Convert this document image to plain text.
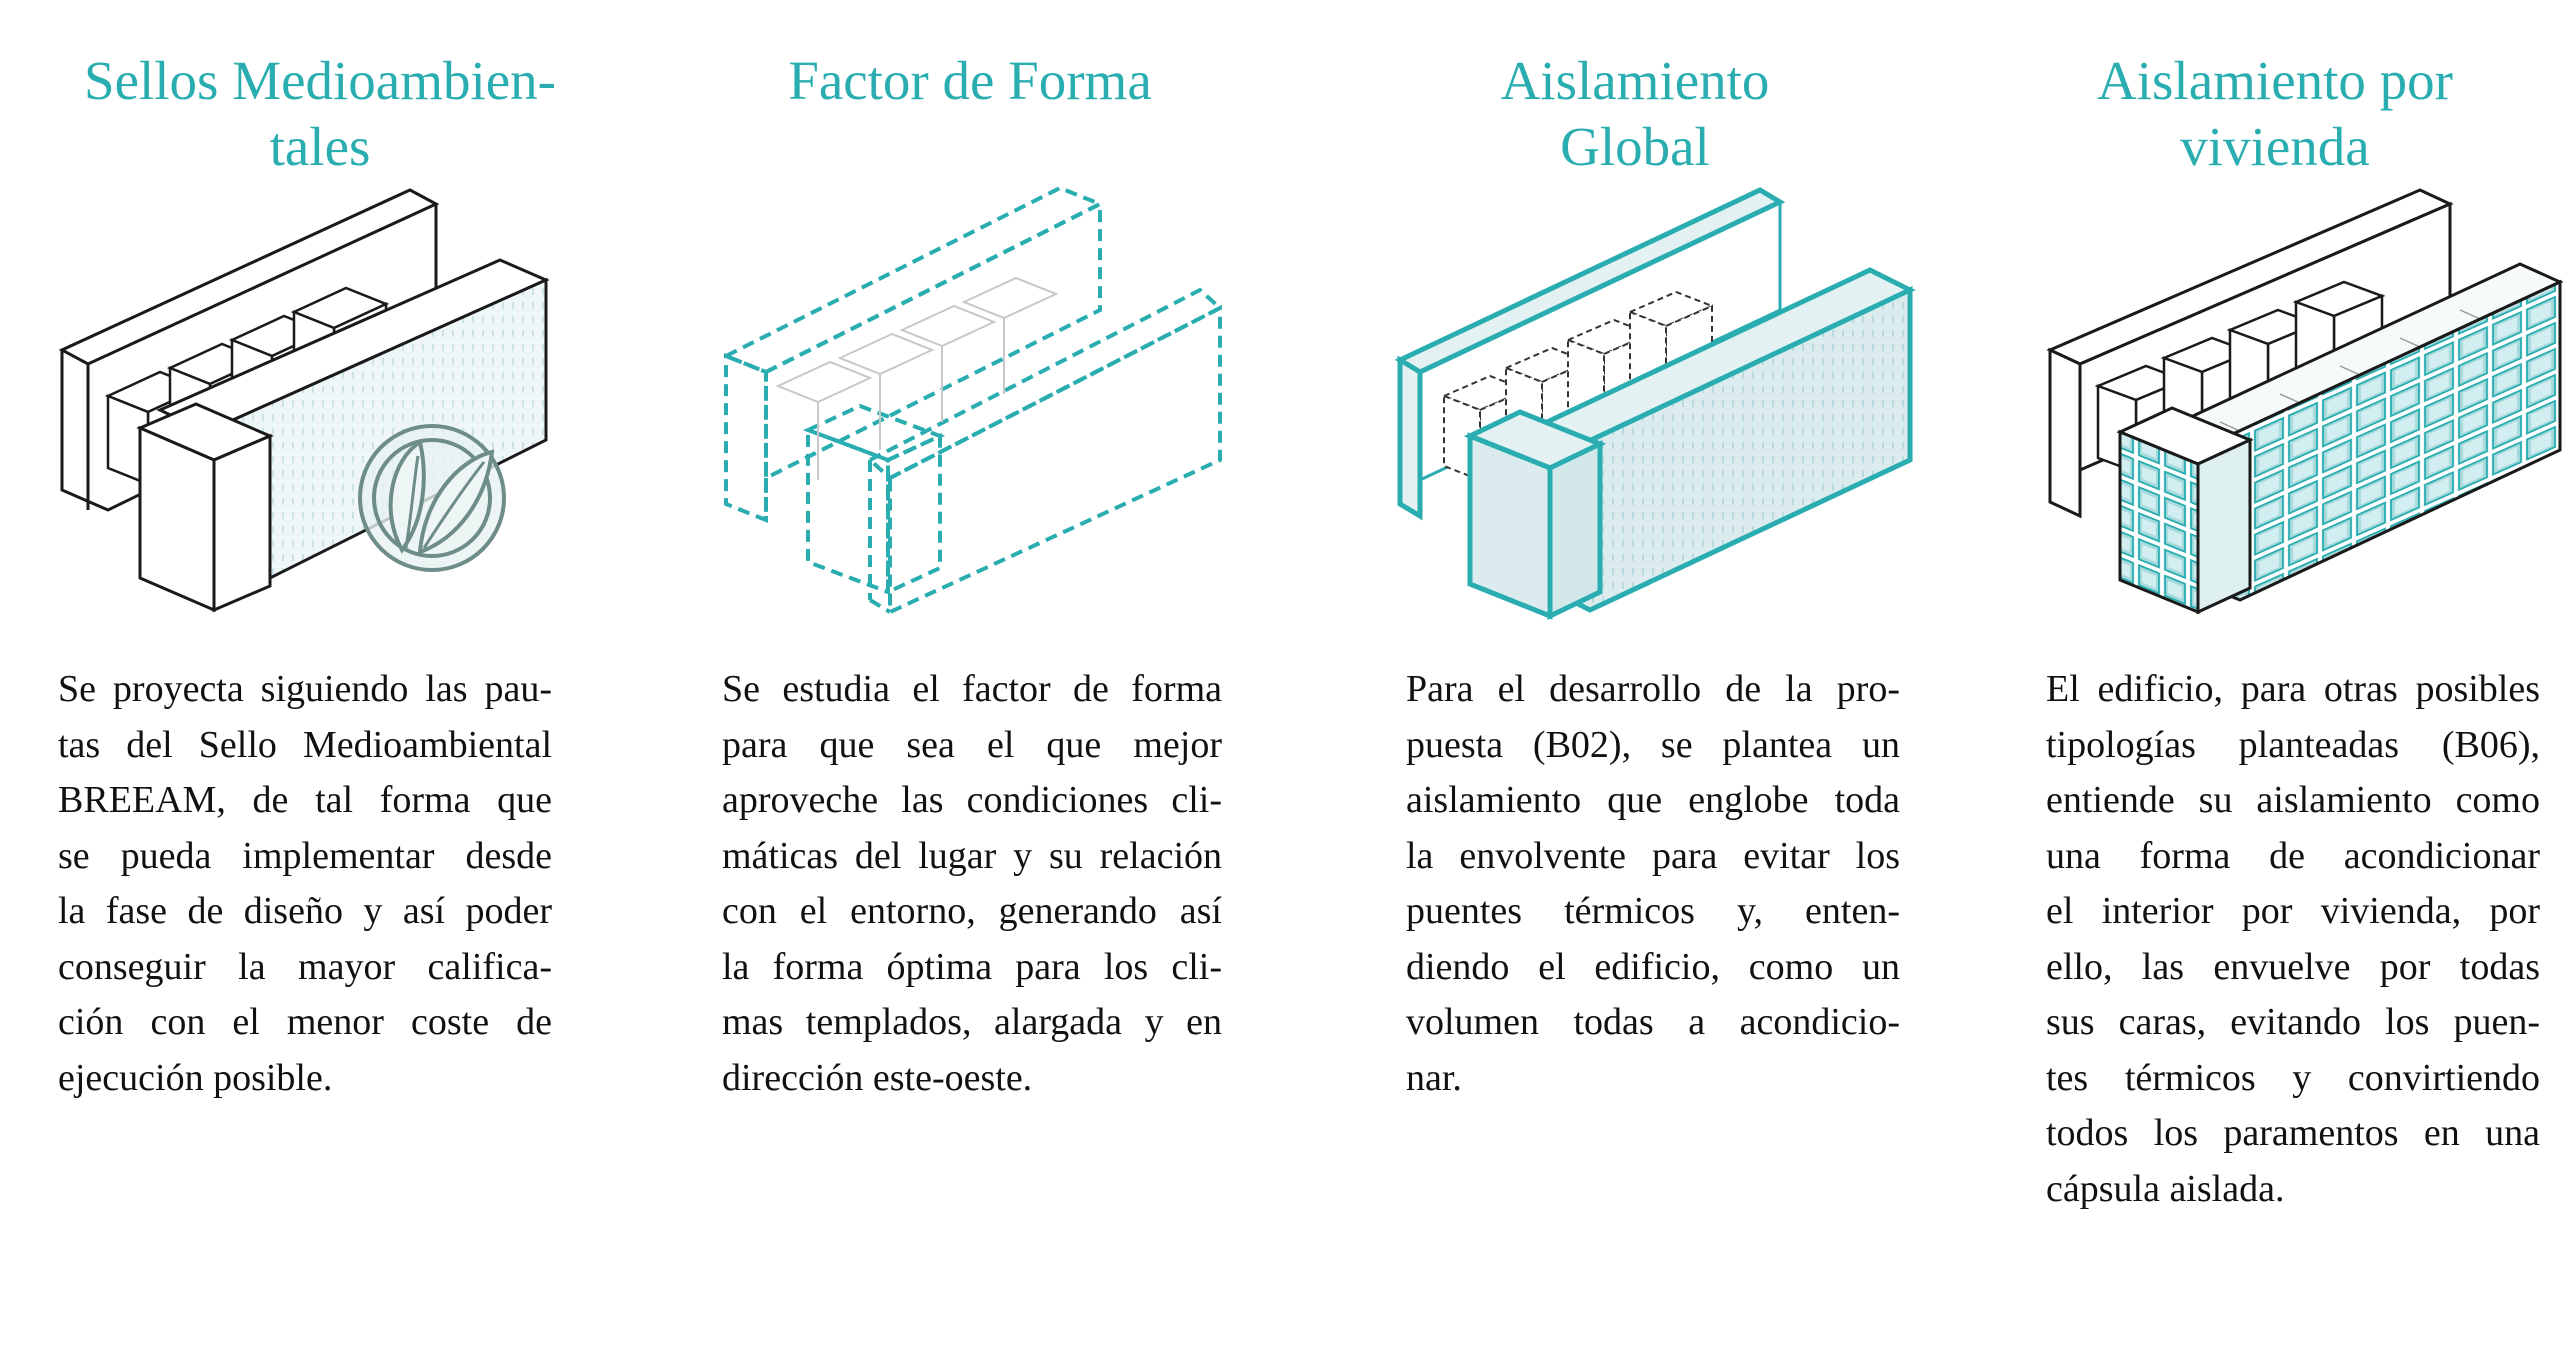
Sellos Medioambien-
tales

Se proyecta siguiendo las pau-
tas del Sello Medioambiental
BREEAM, de tal forma que
se pueda implementar desde
la fase de diseño y así poder
conseguir la mayor califica-
ción con el menor coste de
ejecución posible.

Factor de Forma

Se estudia el factor de forma
para que sea el que mejor
aproveche las condiciones cli-
máticas del lugar y su relación
con el entorno, generando así
la forma óptima para los cli-
mas templados, alargada y en
dirección este-oeste.

Aislamiento
Global

Para el desarrollo de la pro-
puesta (B02), se plantea un
aislamiento que englobe toda
la envolvente para evitar los
puentes térmicos y, enten-
diendo el edificio, como un
volumen todas a acondicio-
nar.

Aislamiento por
vivienda

El edificio, para otras posibles
tipologías planteadas (B06),
entiende su aislamiento como
una forma de acondicionar
el interior por vivienda, por
ello, las envuelve por todas
sus caras, evitando los puen-
tes térmicos y convirtiendo
todos los paramentos en una
cápsula aislada.
